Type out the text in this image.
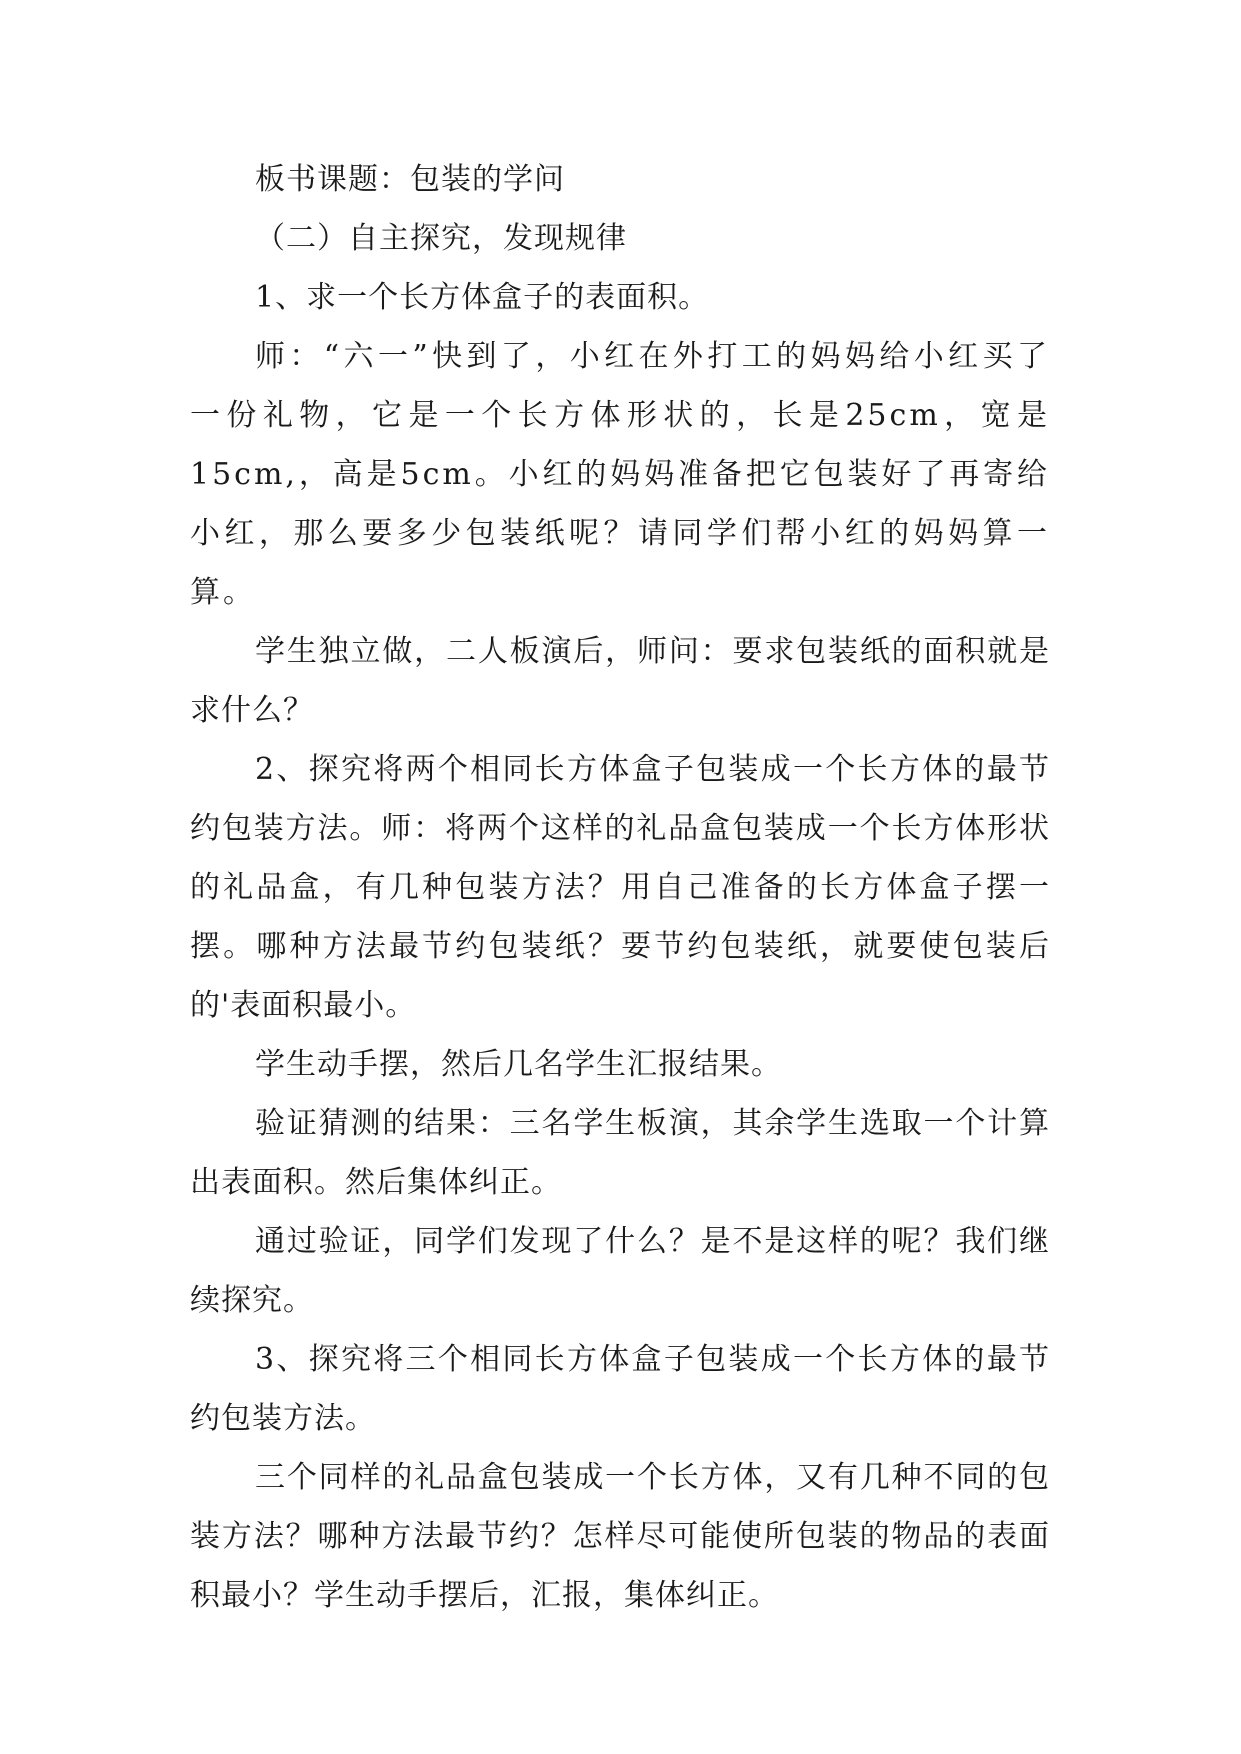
板书课题：包装的学问

（二）自主探究，发现规律

1、求一个长方体盒子的表面积。

师：“六一”快到了，小红在外打工的妈妈给小红买了一份礼物，它是一个长方体形状的，长是25cm，宽是15cm,，高是5cm。小红的妈妈准备把它包装好了再寄给小红，那么要多少包装纸呢？请同学们帮小红的妈妈算一算。

学生独立做，二人板演后，师问：要求包装纸的面积就是求什么？

2、探究将两个相同长方体盒子包装成一个长方体的最节约包装方法。师：将两个这样的礼品盒包装成一个长方体形状的礼品盒，有几种包装方法？用自己准备的长方体盒子摆一摆。哪种方法最节约包装纸？要节约包装纸，就要使包装后的'表面积最小。

学生动手摆，然后几名学生汇报结果。

验证猜测的结果：三名学生板演，其余学生选取一个计算出表面积。然后集体纠正。

通过验证，同学们发现了什么？是不是这样的呢？我们继续探究。

3、探究将三个相同长方体盒子包装成一个长方体的最节约包装方法。

三个同样的礼品盒包装成一个长方体，又有几种不同的包装方法？哪种方法最节约？怎样尽可能使所包装的物品的表面积最小？学生动手摆后，汇报，集体纠正。
